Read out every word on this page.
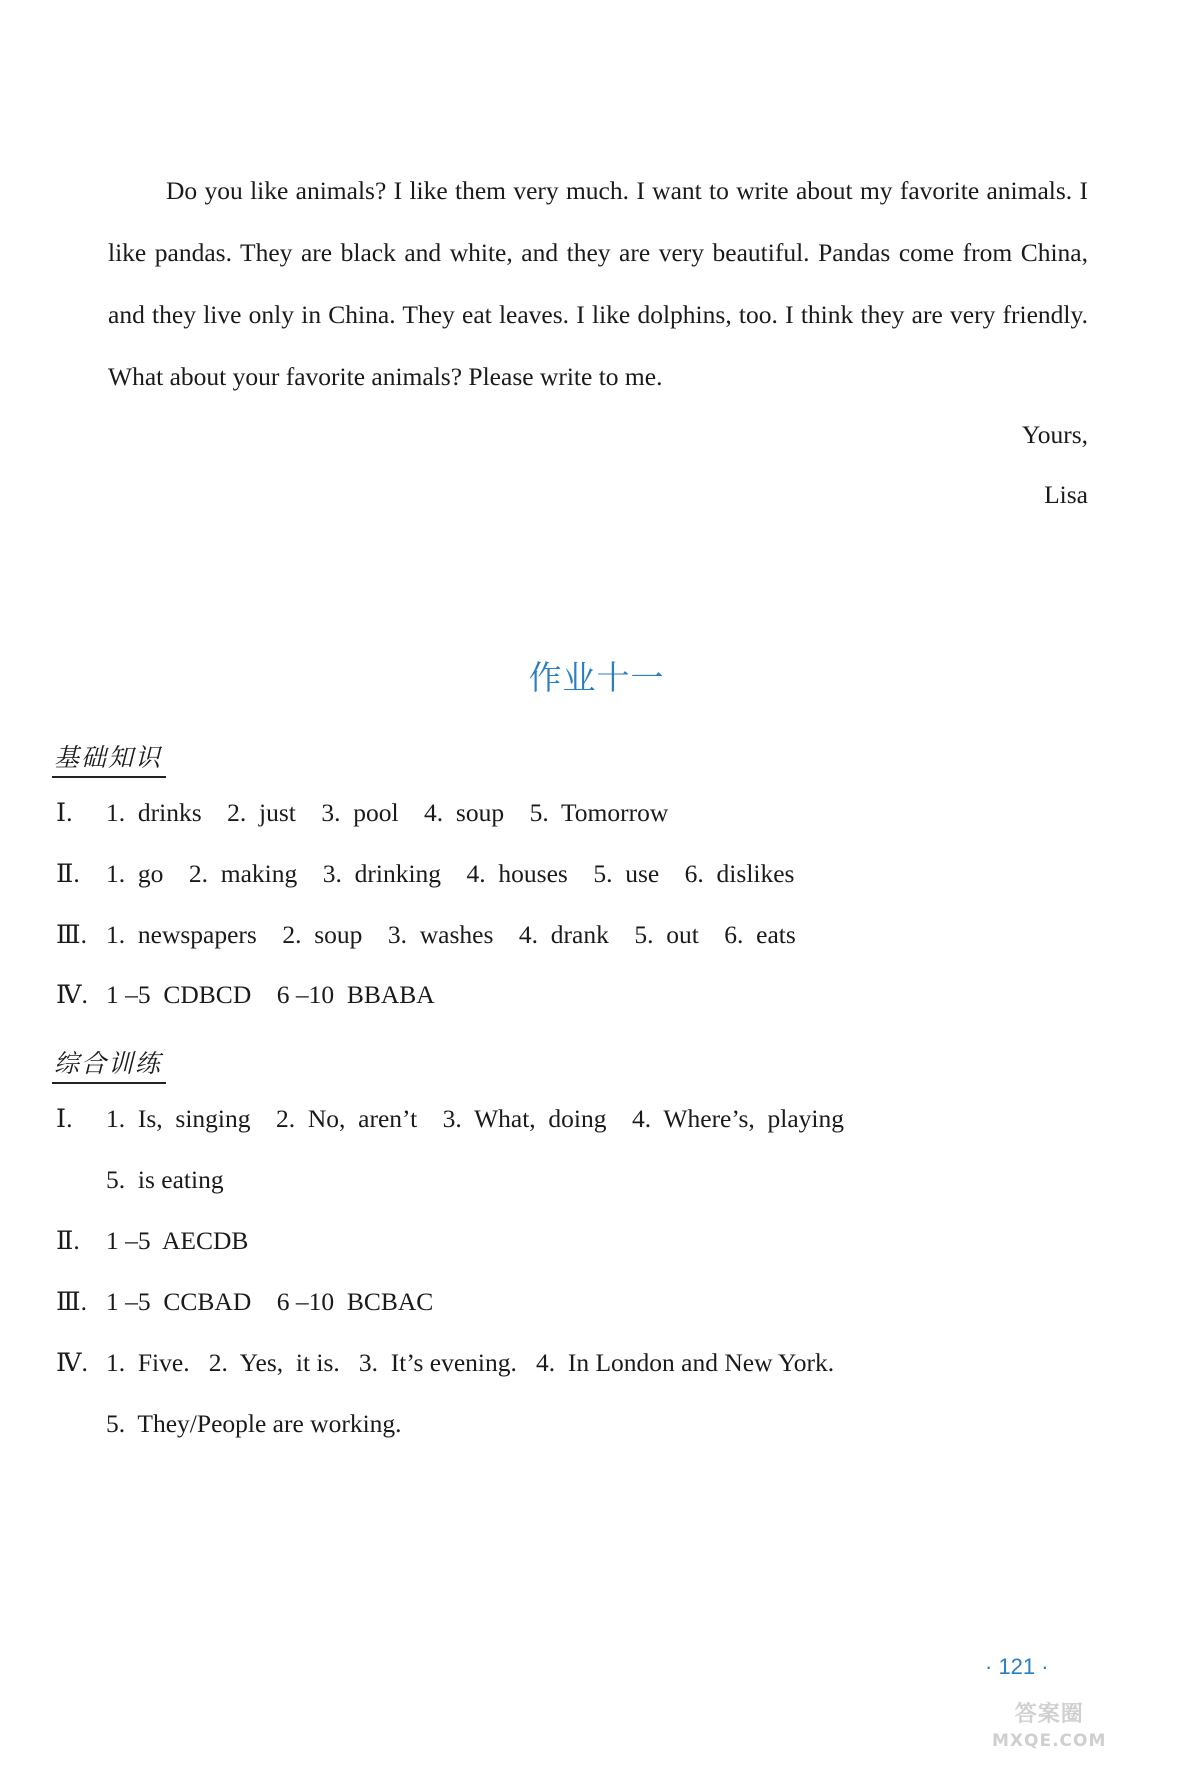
Do you like animals? I like them very much. I want to write about my favorite animals. I like pandas. They are black and white, and they are very beautiful. Pandas come from China, and they live only in China. They eat leaves. I like dolphins, too. I think they are very friendly. What about your favorite animals? Please write to me.

Yours,
Lisa
作业十一
基础知识
Ⅰ. 1.  drinks    2.  just    3.  pool    4.  soup    5.  Tomorrow
Ⅱ. 1.  go    2.  making    3.  drinking    4.  houses    5.  use    6.  dislikes
Ⅲ. 1.  newspapers    2.  soup    3.  washes    4.  drank    5.  out    6.  eats
Ⅳ. 1 –5  CDBCD    6 –10  BBABA
综合训练
Ⅰ. 1.  Is,  singing    2.  No,  aren’t    3.  What,  doing    4.  Where’s,  playing
5.  is eating
Ⅱ. 1 –5  AECDB
Ⅲ. 1 –5  CCBAD    6 –10  BCBAC
Ⅳ. 1.  Five.   2.  Yes,  it is.   3.  It’s evening.   4.  In London and New York.
5.  They/People are working.
· 121 ·
答案圈
MXQE.COM
